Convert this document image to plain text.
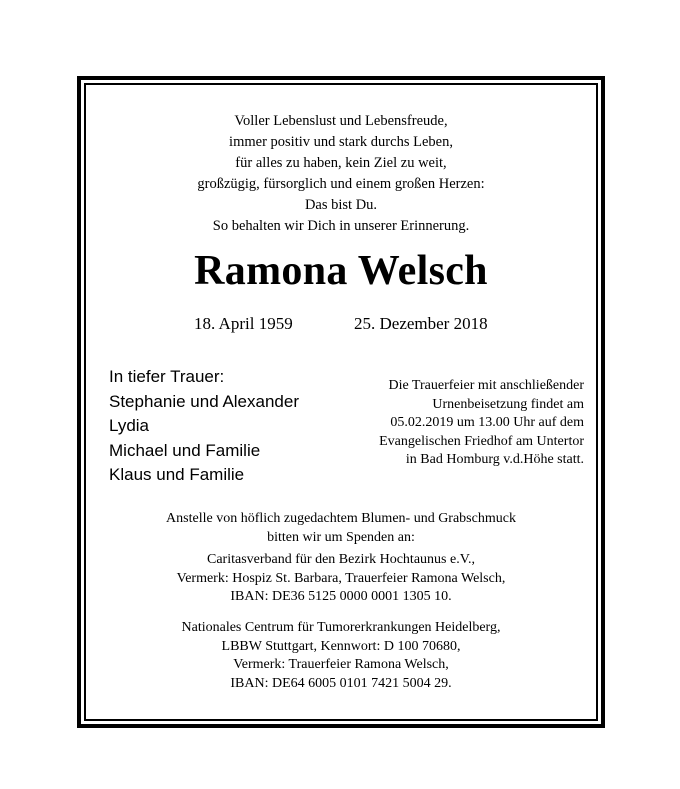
Voller Lebenslust und Lebensfreude,
immer positiv und stark durchs Leben,
für alles zu haben, kein Ziel zu weit,
großzügig, fürsorglich und einem großen Herzen:
Das bist Du.
So behalten wir Dich in unserer Erinnerung.
Ramona Welsch
18. April 1959	25. Dezember 2018
In tiefer Trauer:
Stephanie und Alexander
Lydia
Michael und Familie
Klaus und Familie
Die Trauerfeier mit anschließender
Urnenbeisetzung findet am
05.02.2019 um 13.00 Uhr auf dem
Evangelischen Friedhof am Untertor
in Bad Homburg v.d.Höhe statt.
Anstelle von höflich zugedachtem Blumen- und Grabschmuck
bitten wir um Spenden an:
Caritasverband für den Bezirk Hochtaunus e.V.,
Vermerk: Hospiz St. Barbara, Trauerfeier Ramona Welsch,
IBAN: DE36 5125 0000 0001 1305 10.
Nationales Centrum für Tumorerkrankungen Heidelberg,
LBBW Stuttgart, Kennwort: D 100 70680,
Vermerk: Trauerfeier Ramona Welsch,
IBAN: DE64 6005 0101 7421 5004 29.
